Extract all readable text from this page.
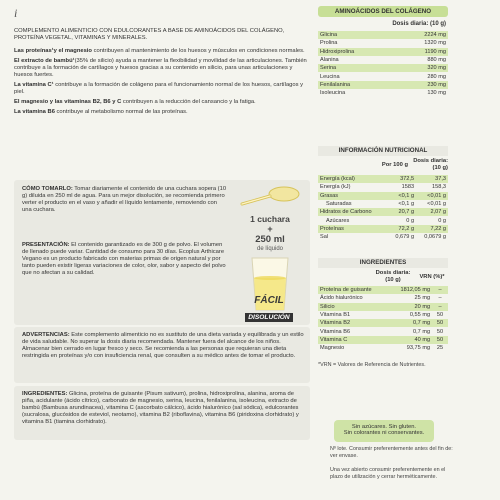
i
COMPLEMENTO ALIMENTICIO CON EDULCORANTES A BASE DE AMINOÁCIDOS DEL COLÁGENO, PROTEÍNA VEGETAL, VITAMINAS Y MINERALES.
Las proteínas¹y el magnesio contribuyen al mantenimiento de los huesos y músculos en condiciones normales.
El extracto de bambú¹(35% de silicio) ayuda a mantener la flexibilidad y movilidad de las articulaciones. También contribuye a la formación de cartílagos y huesos gracias a su contenido en silicio, para unas articulaciones y huesos fuertes.
La vitamina C¹ contribuye a la formación de colágeno para el funcionamiento normal de los huesos, cartílagos y piel.
El magnesio y las vitaminas B2, B6 y C contribuyen a la reducción del cansancio y la fatiga.
La vitamina B6 contribuye al metabolismo normal de las proteínas.
CÓMO TOMARLO: Tomar diariamente el contenido de una cuchara sopera (10 g) diluida en 250 ml de agua. Para un mejor disolución, se recomienda primero verter el producto en el vaso y añadir el líquido lentamente, removiendo con una cuchara.
PRESENTACIÓN: El contenido garantizado es de 300 g de polvo. El volumen de llenado puede variar. Cantidad de consumo para 30 días. Ecoplus Arthicare Vegano es un producto fabricado con materias primas de origen natural y por tanto pueden existir ligeras variaciones de color, olor, sabor y aspecto del polvo que no afectan a su calidad.
1 cuchara
+
250 ml
de líquido
FÁCIL
DISOLUCIÓN
ADVERTENCIAS: Este complemento alimenticio no es sustituto de una dieta variada y equilibrada y un estilo de vida saludable. No superar la dosis diaria recomendada. Mantener fuera del alcance de los niños. Almacenar bien cerrado en lugar fresco y seco. Se recomienda a las personas que requieran una dieta restringida en proteínas y/o con insuficiencia renal, que consulten a su médico antes de tomar el producto.
INGREDIENTES: Glicina, proteína de guisante (Pisum sativum), prolina, hidroxiprolina, alanina, aroma de piña, acidulante (ácido cítrico), carbonato de magnesio, serina, leucina, fenilalanina, isoleucina, extracto de bambú (Bambusa arundinacea), vitamina C (ascorbato cálcico), ácido hialurónico (sal sódica), edulcorantes (sucralosa, glucósidos de esteviol, neotamo), vitamina B2 (riboflavina), vitamina B6 (piridoxina clorhidrato) y vitamina B1 (tiamina clorhidrato).
AMINOÁCIDOS DEL COLÁGENO
Dosis diaria: (10 g)
Glicina	2224 mg
Prolina	1320 mg
Hidroxiprolina	1190 mg
Alanina	880 mg
Serina	320 mg
Leucina	280 mg
Fenilalanina	230 mg
Isoleucina	130 mg
INFORMACIÓN NUTRICIONAL
Por 100 g
Dosis diaria: (10 g)
Energía (kcal)	372,5	37,3
Energía (kJ)	1583	158,3
Grasas	<0,1 g	<0,01 g
Saturadas	<0,1 g	<0,01 g
Hidratos de Carbono	20,7 g	2,07 g
Azúcares	0 g	0 g
Proteínas	72,2 g	7,22 g
Sal	0,679 g	0,0679 g
INGREDIENTES
Dosis diaria: (10 g)	VRN (%)*
Proteína de guisante	1812,05 mg	–
Ácido hialurónico	25 mg	–
Silicio	20 mg	–
Vitamina B1	0,55 mg	50
Vitamina B2	0,7 mg	50
Vitamina B6	0,7 mg	50
Vitamina C	40 mg	50
Magnesio	93,75 mg	25
*VRN = Valores de Referencia de Nutrientes.
Sin azúcares. Sin gluten.
Sin colorantes ni conservantes.
Nº lote. Consumir preferentemente antes del fin de: ver envase.
Una vez abierto consumir preferentemente en el plazo de utilización y cerrar herméticamente.
